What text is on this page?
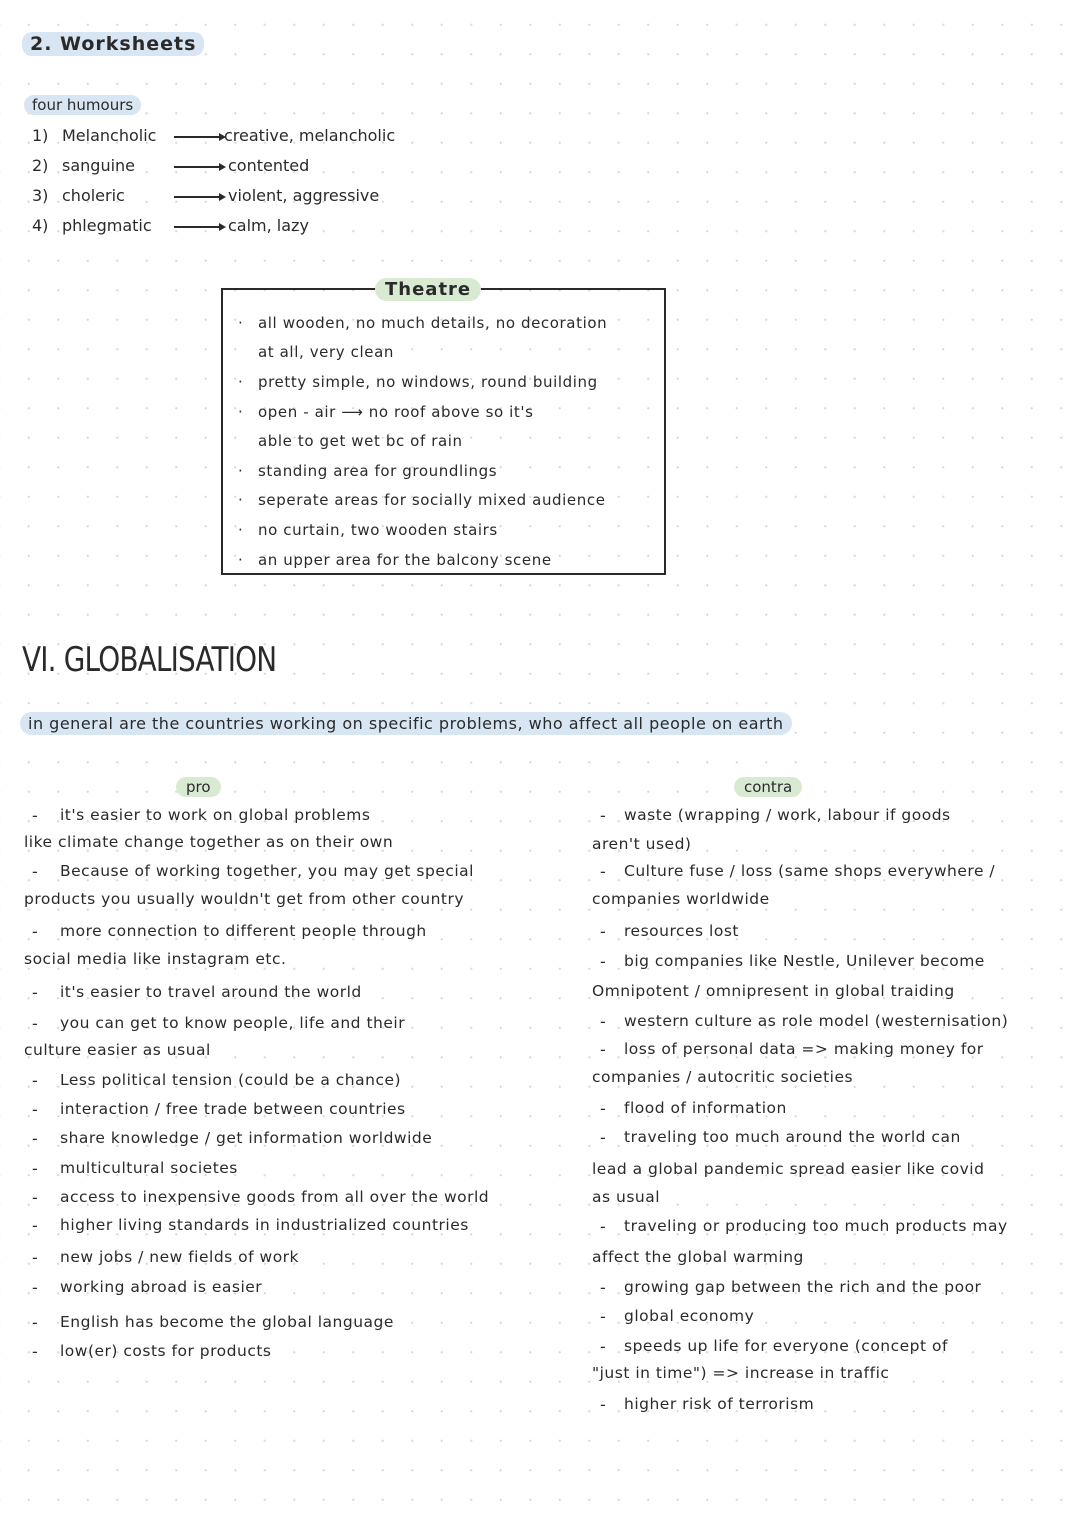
2. Worksheets
four humours
1) Melancholic	creative, melancholic
2) sanguine	contented
3) choleric	violent, aggressive
4) phlegmatic	calm, lazy
Theatre
· all wooden, no much details, no decoration
at all, very clean
· pretty simple, no windows, round building
· open - air ⟶ no roof above so it's
able to get wet bc of rain
· standing area for groundlings
· seperate areas for socially mixed audience
· no curtain, two wooden stairs
· an upper area for the balcony scene
VI. GLOBALISATION
in general are the countries working on specific problems, who affect all people on earth
pro	contra
- it's easier to work on global problems
like climate change together as on their own
- Because of working together, you may get special
products you usually wouldn't get from other country
- more connection to different people through
social media like instagram etc.
- it's easier to travel around the world
- you can get to know people, life and their
culture easier as usual
- Less political tension (could be a chance)
- interaction / free trade between countries
- share knowledge / get information worldwide
- multicultural societes
- access to inexpensive goods from all over the world
- higher living standards in industrialized countries
- new jobs / new fields of work
- working abroad is easier
- English has become the global language
- low(er) costs for products
- waste (wrapping / work, labour if goods
aren't used)
- Culture fuse / loss (same shops everywhere /
companies worldwide
- resources lost
- big companies like Nestle, Unilever become
Omnipotent / omnipresent in global traiding
- western culture as role model (westernisation)
- loss of personal data => making money for
companies / autocritic societies
- flood of information
- traveling too much around the world can
lead a global pandemic spread easier like covid
as usual
- traveling or producing too much products may
affect the global warming
- growing gap between the rich and the poor
- global economy
- speeds up life for everyone (concept of
"just in time") => increase in traffic
- higher risk of terrorism
